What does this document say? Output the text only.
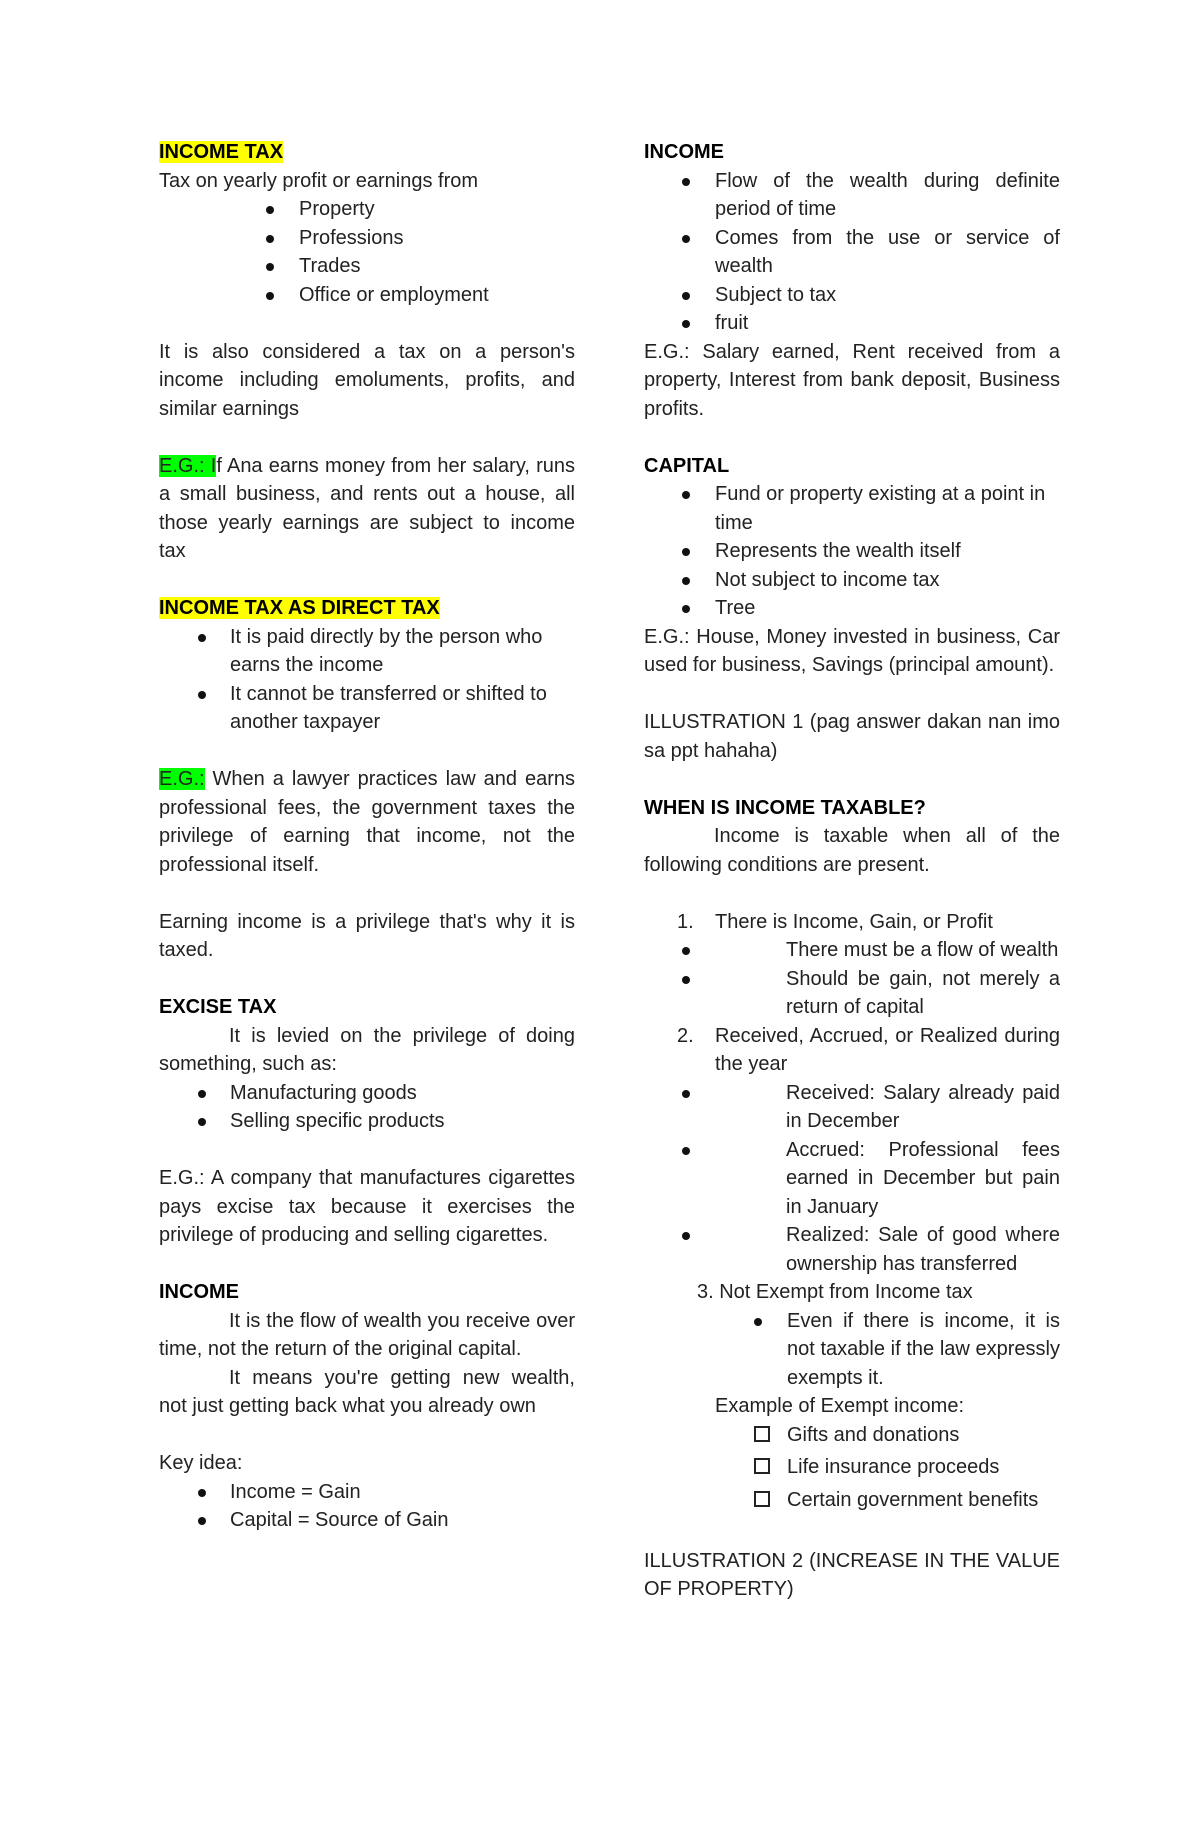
INCOME TAX

Tax on yearly profit or earnings from

Property
Professions
Trades
Office or employment

It is also considered a tax on a person's income including emoluments, profits, and similar earnings

E.G.: If Ana earns money from her salary, runs a small business, and rents out a house, all those yearly earnings are subject to income tax

INCOME TAX AS DIRECT TAX

It is paid directly by the person who earns the income
It cannot be transferred or shifted to another taxpayer

E.G.: When a lawyer practices law and earns professional fees, the government taxes the privilege of earning that income, not the professional itself.

Earning income is a privilege that's why it is taxed.

EXCISE TAX

It is levied on the privilege of doing something, such as:

Manufacturing goods
Selling specific products

E.G.: A company that manufactures cigarettes pays excise tax because it exercises the privilege of producing and selling cigarettes.

INCOME

It is the flow of wealth you receive over time, not the return of the original capital.

It means you're getting new wealth, not just getting back what you already own

Key idea:

Income = Gain
Capital = Source of Gain

INCOME

Flow of the wealth during definite period of time
Comes from the use or service of wealth
Subject to tax
fruit

E.G.: Salary earned, Rent received from a property, Interest from bank deposit, Business profits.

CAPITAL

Fund or property existing at a point in time
Represents the wealth itself
Not subject to income tax
Tree

E.G.: House, Money invested in business, Car used for business, Savings (principal amount).

ILLUSTRATION 1 (pag answer dakan nan imo sa ppt hahaha)

WHEN IS INCOME TAXABLE?

Income is taxable when all of the following conditions are present.

1. There is Income, Gain, or Profit
There must be a flow of wealth
Should be gain, not merely a return of capital
2. Received, Accrued, or Realized during the year
Received: Salary already paid in December
Accrued: Professional fees earned in December but pain in January
Realized: Sale of good where ownership has transferred

3. Not Exempt from Income tax

Even if there is income, it is not taxable if the law expressly exempts it.

Example of Exempt income:

Gifts and donations
Life insurance proceeds
Certain government benefits

ILLUSTRATION 2 (INCREASE IN THE VALUE OF PROPERTY)
